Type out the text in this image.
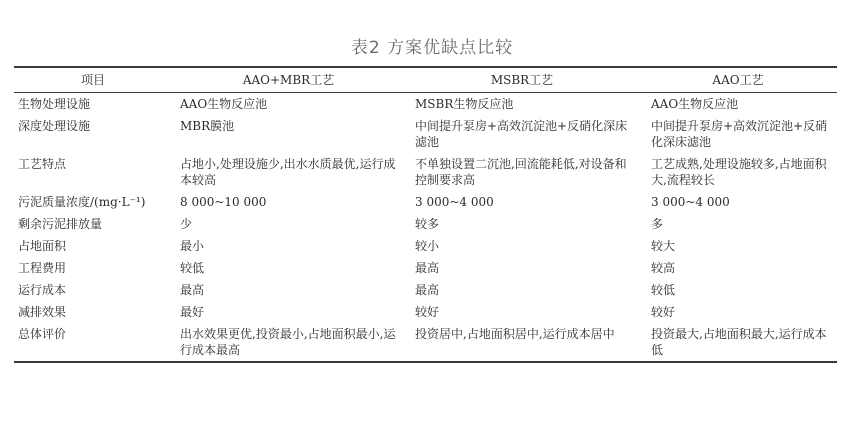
表2 方案优缺点比较
项目	AAO+MBR工艺	MSBR工艺	AAO工艺
生物处理设施	AAO生物反应池	MSBR生物反应池	AAO生物反应池
深度处理设施	MBR膜池	中间提升泵房+高效沉淀池+反硝化深床滤池	中间提升泵房+高效沉淀池+反硝化深床滤池
工艺特点	占地小,处理设施少,出水水质最优,运行成本较高	不单独设置二沉池,回流能耗低,对设备和控制要求高	工艺成熟,处理设施较多,占地面积大,流程较长
污泥质量浓度/(mg·L⁻¹)	8 000~10 000	3 000~4 000	3 000~4 000
剩余污泥排放量	少	较多	多
占地面积	最小	较小	较大
工程费用	较低	最高	较高
运行成本	最高	最高	较低
减排效果	最好	较好	较好
总体评价	出水效果更优,投资最小,占地面积最小,运行成本最高	投资居中,占地面积居中,运行成本居中	投资最大,占地面积最大,运行成本低
